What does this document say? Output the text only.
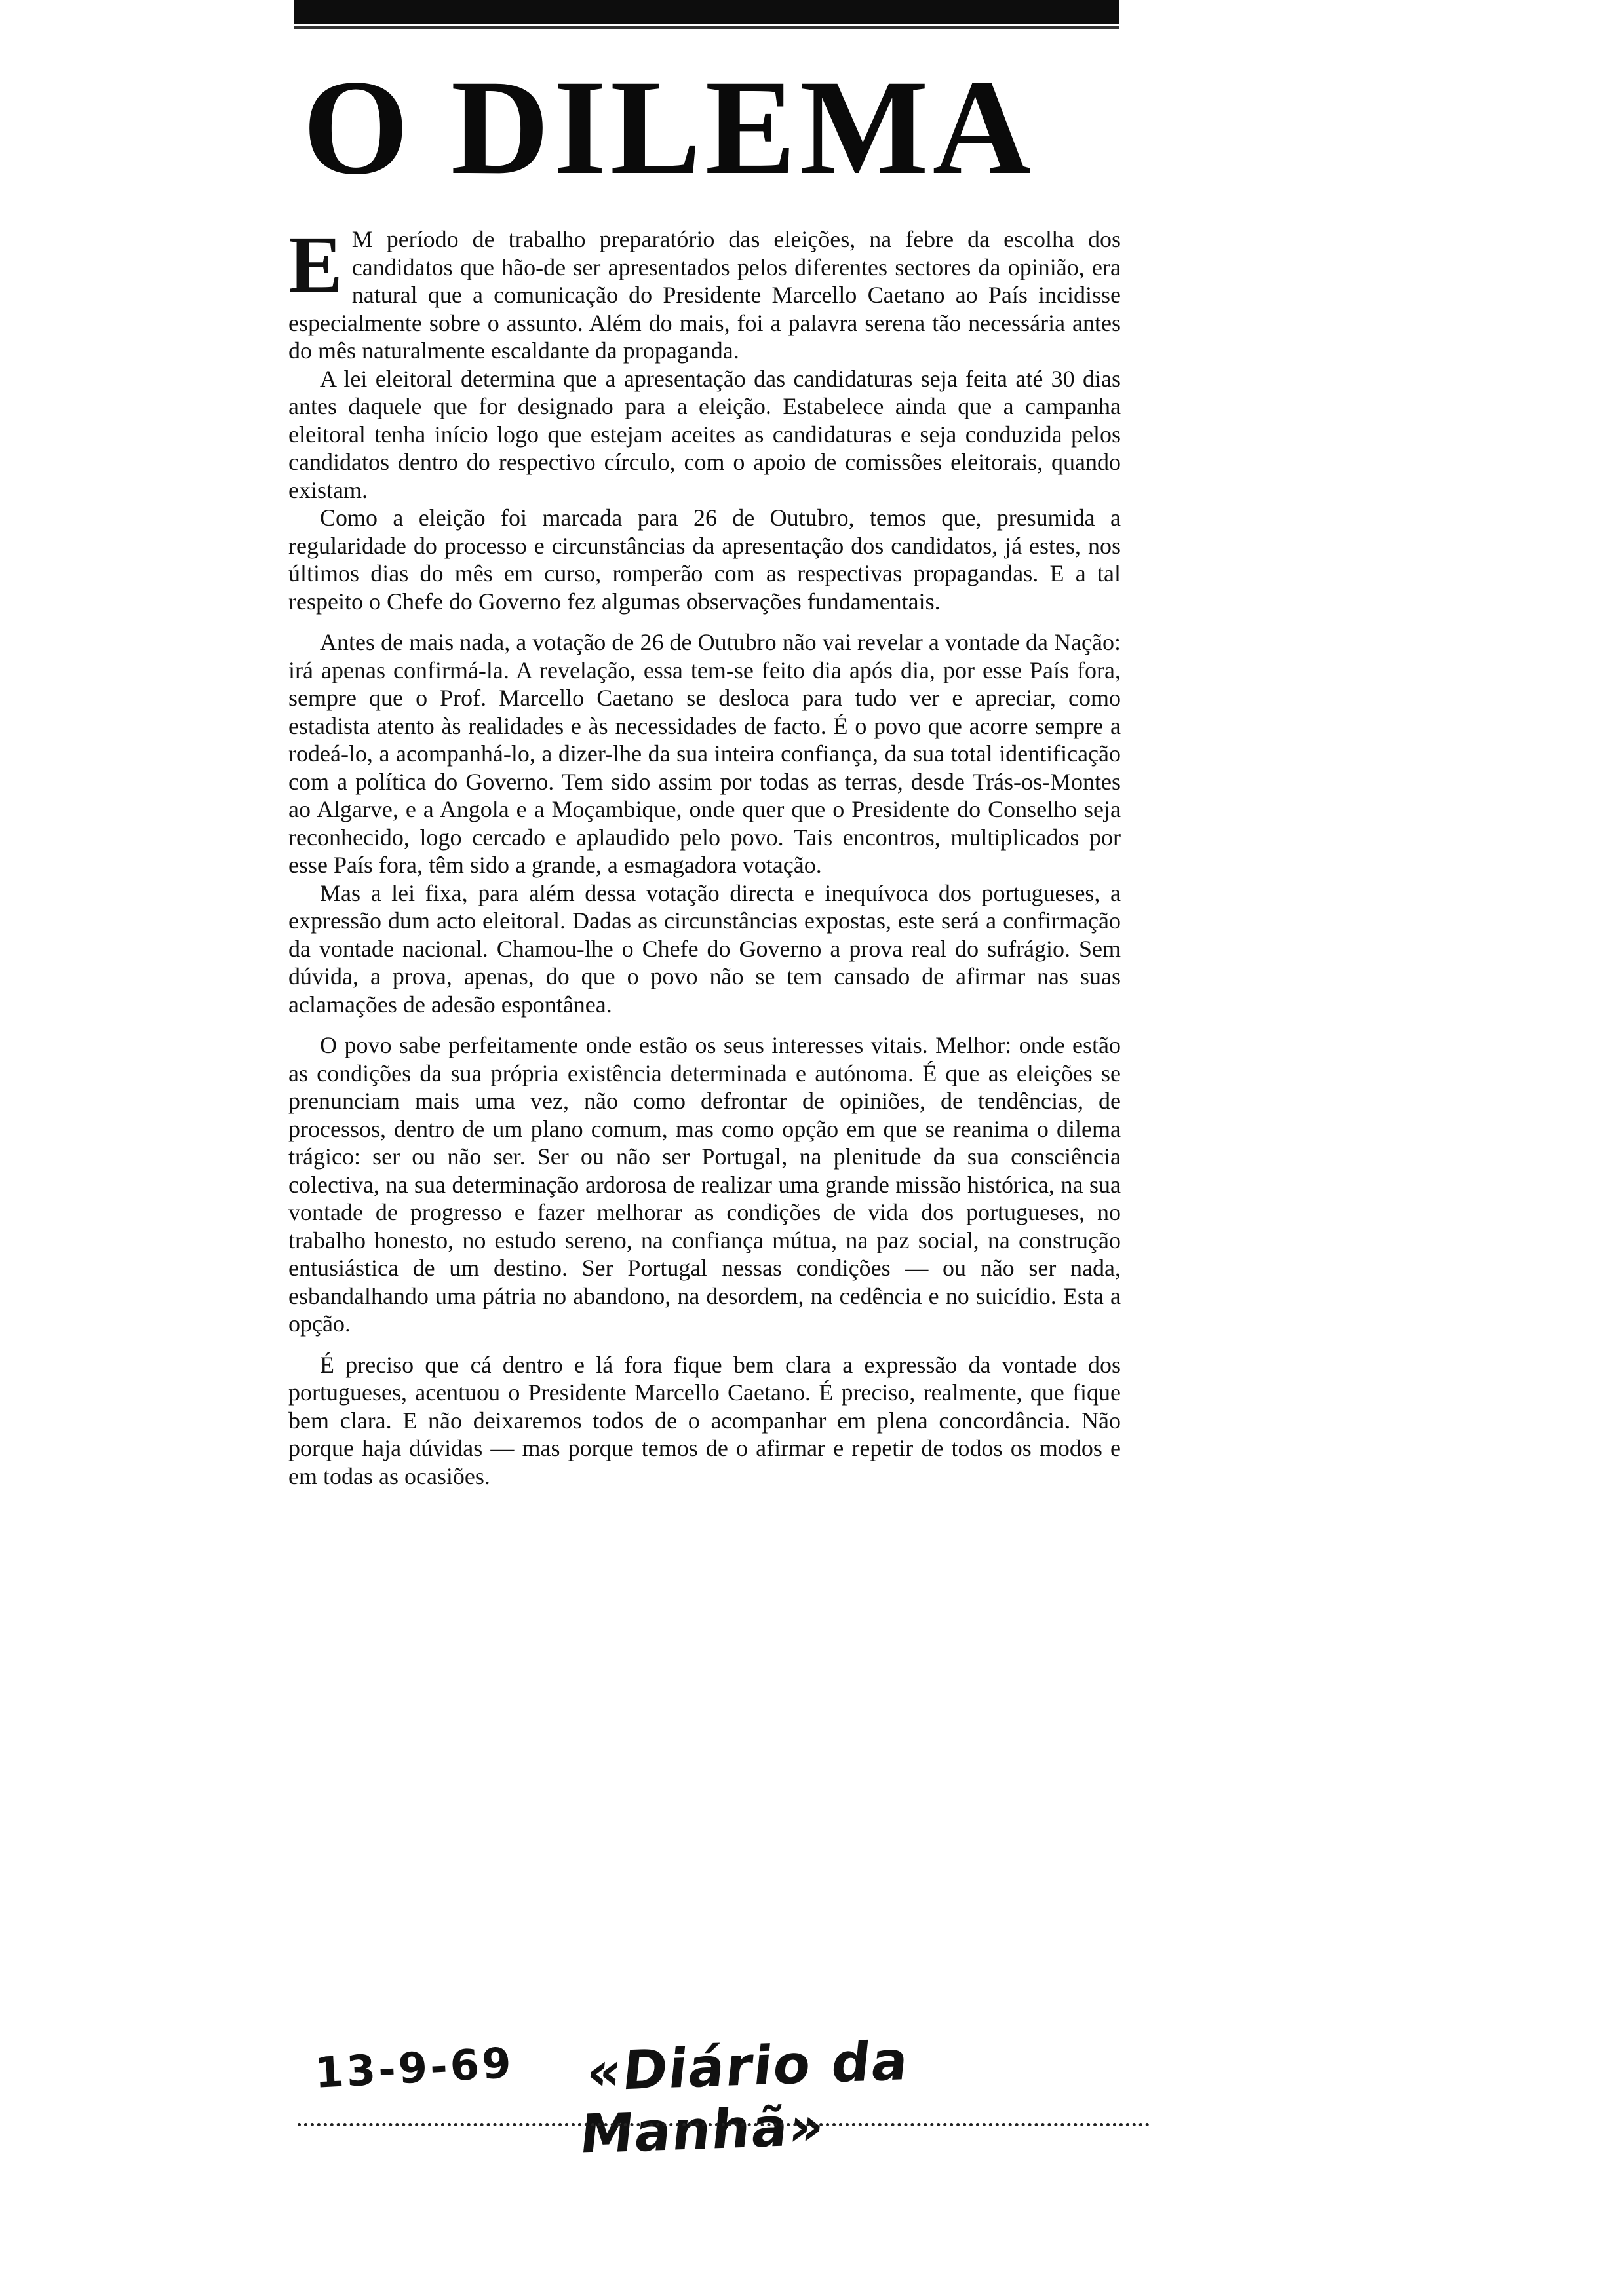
O DILEMA

E M período de trabalho preparatório das eleições, na febre da escolha dos candidatos que hão-de ser apresentados pelos diferentes sectores da opinião, era natural que a comunicação do Presidente Marcello Caetano ao País incidisse especialmente sobre o assunto. Além do mais, foi a palavra serena tão necessária antes do mês naturalmente escaldante da propaganda.

A lei eleitoral determina que a apresentação das candidaturas seja feita até 30 dias antes daquele que for designado para a eleição. Estabelece ainda que a campanha eleitoral tenha início logo que estejam aceites as candidaturas e seja conduzida pelos candidatos dentro do respectivo círculo, com o apoio de comissões eleitorais, quando existam.

Como a eleição foi marcada para 26 de Outubro, temos que, presumida a regularidade do processo e circunstâncias da apresentação dos candidatos, já estes, nos últimos dias do mês em curso, romperão com as respectivas propagandas. E a tal respeito o Chefe do Governo fez algumas observações fundamentais.

Antes de mais nada, a votação de 26 de Outubro não vai revelar a vontade da Nação: irá apenas confirmá-la. A revelação, essa tem-se feito dia após dia, por esse País fora, sempre que o Prof. Marcello Caetano se desloca para tudo ver e apreciar, como estadista atento às realidades e às necessidades de facto. É o povo que acorre sempre a rodeá-lo, a acompanhá-lo, a dizer-lhe da sua inteira confiança, da sua total identificação com a política do Governo. Tem sido assim por todas as terras, desde Trás-os-Montes ao Algarve, e a Angola e a Moçambique, onde quer que o Presidente do Conselho seja reconhecido, logo cercado e aplaudido pelo povo. Tais encontros, multiplicados por esse País fora, têm sido a grande, a esmagadora votação.

Mas a lei fixa, para além dessa votação directa e inequívoca dos portugueses, a expressão dum acto eleitoral. Dadas as circunstâncias expostas, este será a confirmação da vontade nacional. Chamou-lhe o Chefe do Governo a prova real do sufrágio. Sem dúvida, a prova, apenas, do que o povo não se tem cansado de afirmar nas suas aclamações de adesão espontânea.

O povo sabe perfeitamente onde estão os seus interesses vitais. Melhor: onde estão as condições da sua própria existência determinada e autónoma. É que as eleições se prenunciam mais uma vez, não como defrontar de opiniões, de tendências, de processos, dentro de um plano comum, mas como opção em que se reanima o dilema trágico: ser ou não ser. Ser ou não ser Portugal, na plenitude da sua consciência colectiva, na sua determinação ardorosa de realizar uma grande missão histórica, na sua vontade de progresso e fazer melhorar as condições de vida dos portugueses, no trabalho honesto, no estudo sereno, na confiança mútua, na paz social, na construção entusiástica de um destino. Ser Portugal nessas condições — ou não ser nada, esbandalhando uma pátria no abandono, na desordem, na cedência e no suicídio. Esta a opção.

É preciso que cá dentro e lá fora fique bem clara a expressão da vontade dos portugueses, acentuou o Presidente Marcello Caetano. É preciso, realmente, que fique bem clara. E não deixaremos todos de o acompanhar em plena concordância. Não porque haja dúvidas — mas porque temos de o afirmar e repetir de todos os modos e em todas as ocasiões.

13-9-69 «Diário da Manhã»
